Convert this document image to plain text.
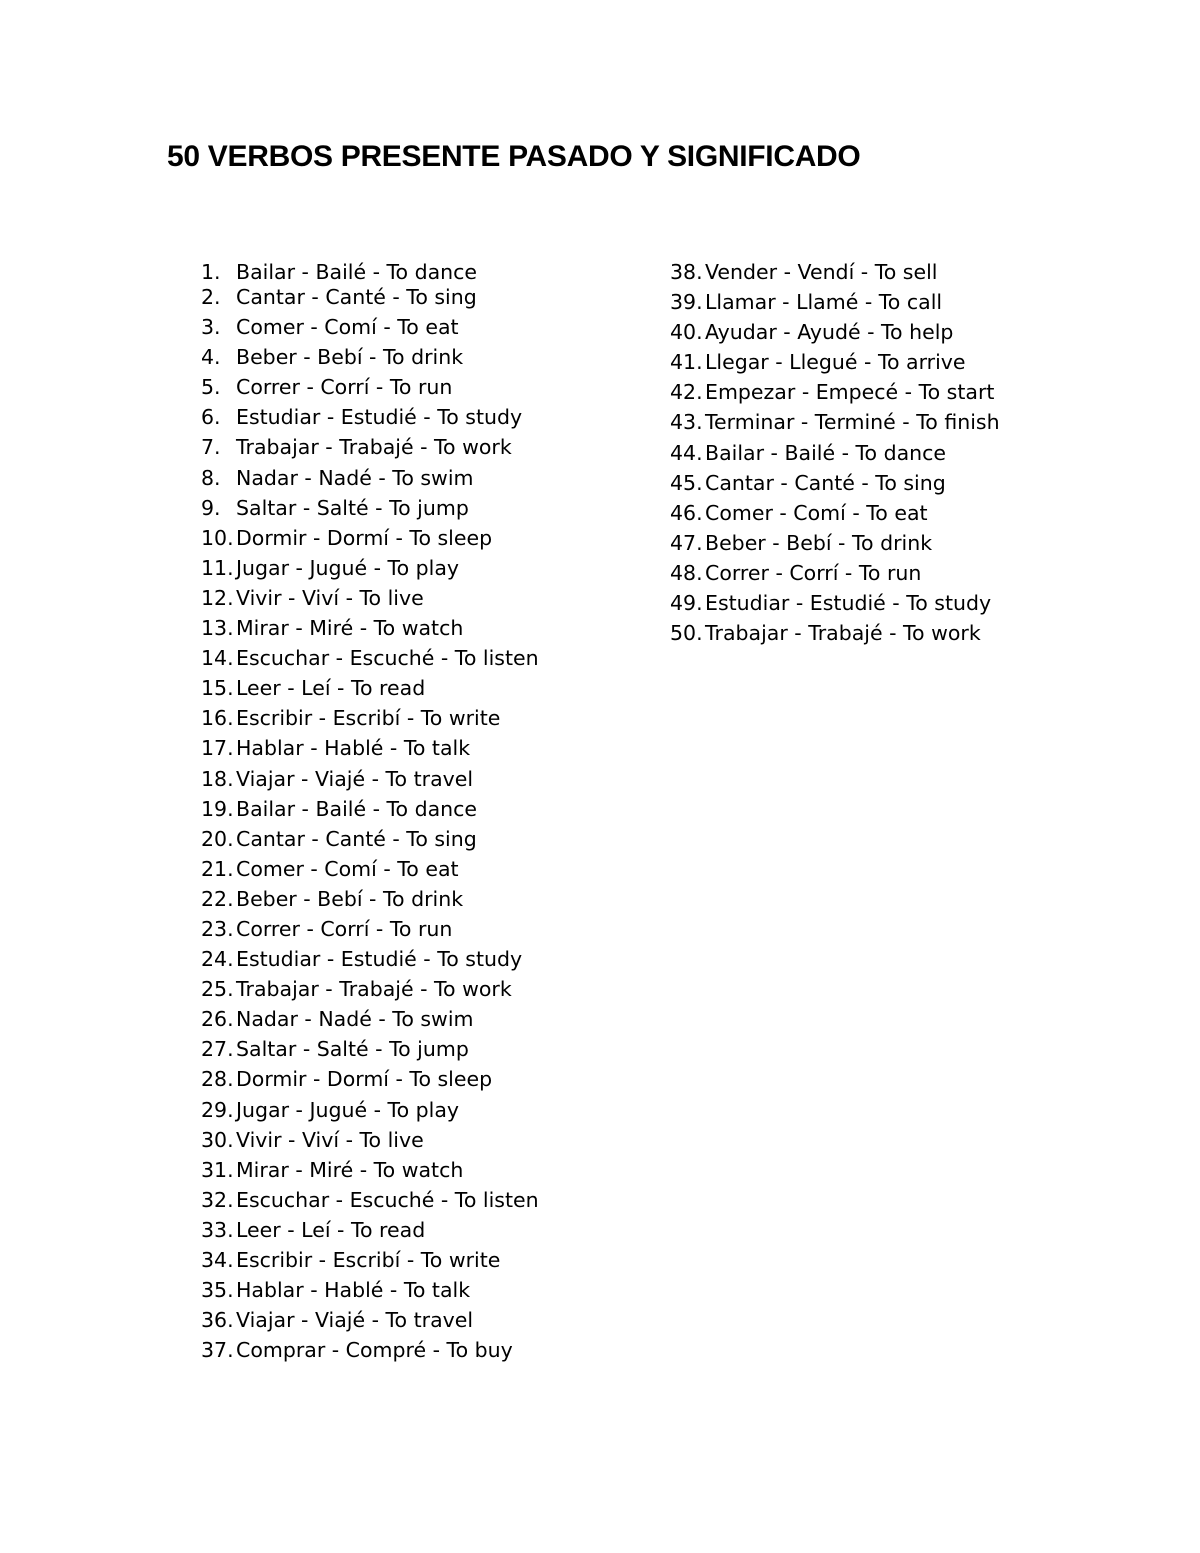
50 VERBOS PRESENTE PASADO Y SIGNIFICADO
1. Bailar - Bailé - To dance
2. Cantar - Canté - To sing
3. Comer - Comí - To eat
4. Beber - Bebí - To drink
5. Correr - Corrí - To run
6. Estudiar - Estudié - To study
7. Trabajar - Trabajé - To work
8. Nadar - Nadé - To swim
9. Saltar - Salté - To jump
10. Dormir - Dormí - To sleep
11. Jugar - Jugué - To play
12. Vivir - Viví - To live
13. Mirar - Miré - To watch
14. Escuchar - Escuché - To listen
15. Leer - Leí - To read
16. Escribir - Escribí - To write
17. Hablar - Hablé - To talk
18. Viajar - Viajé - To travel
19. Bailar - Bailé - To dance
20. Cantar - Canté - To sing
21. Comer - Comí - To eat
22. Beber - Bebí - To drink
23. Correr - Corrí - To run
24. Estudiar - Estudié - To study
25. Trabajar - Trabajé - To work
26. Nadar - Nadé - To swim
27. Saltar - Salté - To jump
28. Dormir - Dormí - To sleep
29. Jugar - Jugué - To play
30. Vivir - Viví - To live
31. Mirar - Miré - To watch
32. Escuchar - Escuché - To listen
33. Leer - Leí - To read
34. Escribir - Escribí - To write
35. Hablar - Hablé - To talk
36. Viajar - Viajé - To travel
37. Comprar - Compré - To buy
38. Vender - Vendí - To sell
39. Llamar - Llamé - To call
40. Ayudar - Ayudé - To help
41. Llegar - Llegué - To arrive
42. Empezar - Empecé - To start
43. Terminar - Terminé - To finish
44. Bailar - Bailé - To dance
45. Cantar - Canté - To sing
46. Comer - Comí - To eat
47. Beber - Bebí - To drink
48. Correr - Corrí - To run
49. Estudiar - Estudié - To study
50. Trabajar - Trabajé - To work
